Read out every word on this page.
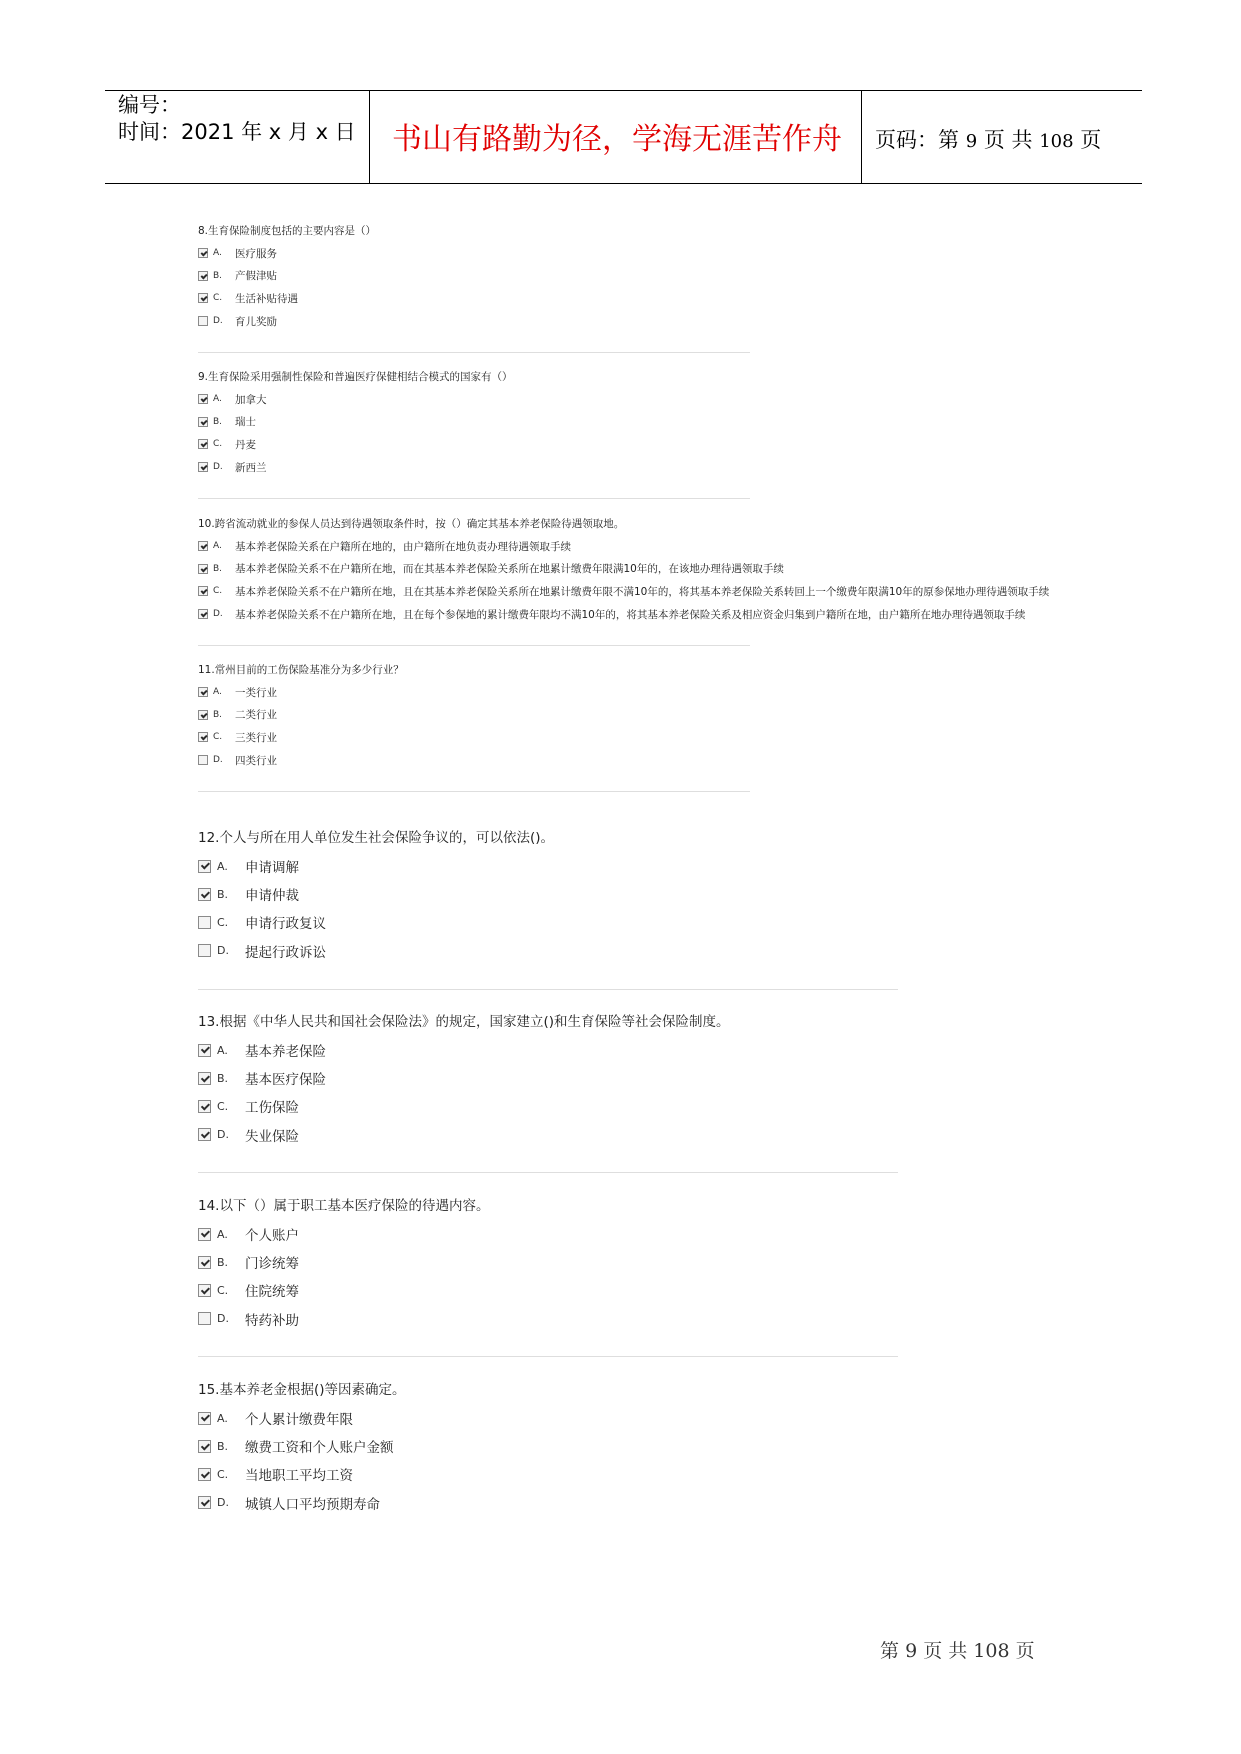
编号：
时间：2021 年 x 月 x 日	书山有路勤为径，学海无涯苦作舟	页码：第 9 页 共 108 页
8.生育保险制度包括的主要内容是（）
A.	医疗服务
B.	产假津贴
C.	生活补贴待遇
D.	育儿奖励
9.生育保险采用强制性保险和普遍医疗保健相结合模式的国家有（）
A.	加拿大
B.	瑞士
C.	丹麦
D.	新西兰
10.跨省流动就业的参保人员达到待遇领取条件时，按（）确定其基本养老保险待遇领取地。
A.	基本养老保险关系在户籍所在地的，由户籍所在地负责办理待遇领取手续
B.	基本养老保险关系不在户籍所在地，而在其基本养老保险关系所在地累计缴费年限满10年的，在该地办理待遇领取手续
C.	基本养老保险关系不在户籍所在地，且在其基本养老保险关系所在地累计缴费年限不满10年的，将其基本养老保险关系转回上一个缴费年限满10年的原参保地办理待遇领取手续
D.	基本养老保险关系不在户籍所在地，且在每个参保地的累计缴费年限均不满10年的，将其基本养老保险关系及相应资金归集到户籍所在地，由户籍所在地办理待遇领取手续
11.常州目前的工伤保险基准分为多少行业？
A.	一类行业
B.	二类行业
C.	三类行业
D.	四类行业
12.个人与所在用人单位发生社会保险争议的，可以依法()。
A.	申请调解
B.	申请仲裁
C.	申请行政复议
D.	提起行政诉讼
13.根据《中华人民共和国社会保险法》的规定，国家建立()和生育保险等社会保险制度。
A.	基本养老保险
B.	基本医疗保险
C.	工伤保险
D.	失业保险
14.以下（）属于职工基本医疗保险的待遇内容。
A.	个人账户
B.	门诊统筹
C.	住院统筹
D.	特药补助
15.基本养老金根据()等因素确定。
A.	个人累计缴费年限
B.	缴费工资和个人账户金额
C.	当地职工平均工资
D.	城镇人口平均预期寿命
第 9 页 共 108 页
